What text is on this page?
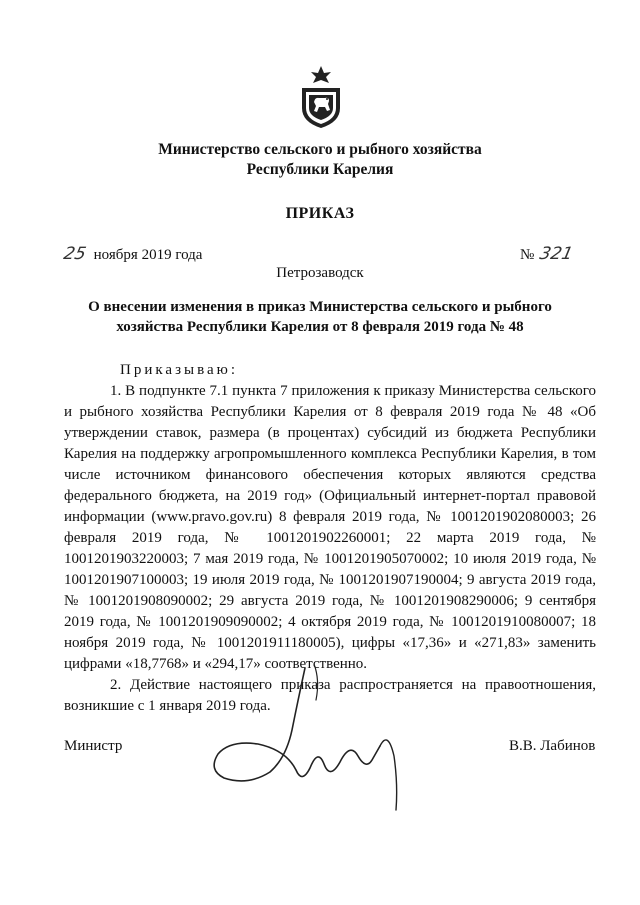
Министерство сельского и рыбного хозяйства
Республики Карелия
ПРИКАЗ
25 ноября 2019 года	№ 321
Петрозаводск
О внесении изменения в приказ Министерства сельского и рыбного
хозяйства Республики Карелия от 8 февраля 2019 года № 48
Приказываю:

1. В подпункте 7.1 пункта 7 приложения к приказу Министерства сельского и рыбного хозяйства Республики Карелия от 8 февраля 2019 года № 48 «Об утверждении ставок, размера (в процентах) субсидий из бюджета Республики Карелия на поддержку агропромышленного комплекса Республики Карелия, в том числе источником финансового обеспечения которых являются средства федерального бюджета, на 2019 год» (Официальный интернет-портал правовой информации (www.pravo.gov.ru) 8 февраля 2019 года, № 1001201902080003; 26 февраля 2019 года, № 1001201902260001; 22 марта 2019 года, № 1001201903220003; 7 мая 2019 года, № 1001201905070002; 10 июля 2019 года, № 1001201907100003; 19 июля 2019 года, № 1001201907190004; 9 августа 2019 года, № 1001201908090002; 29 августа 2019 года, № 1001201908290006; 9 сентября 2019 года, № 1001201909090002; 4 октября 2019 года, № 1001201910080007; 18 ноября 2019 года, № 1001201911180005), цифры «17,36» и «271,83» заменить цифрами «18,7768» и «294,17» соответственно.

2. Действие настоящего приказа распространяется на правоотношения, возникшие с 1 января 2019 года.

Министр	В.В. Лабинов
